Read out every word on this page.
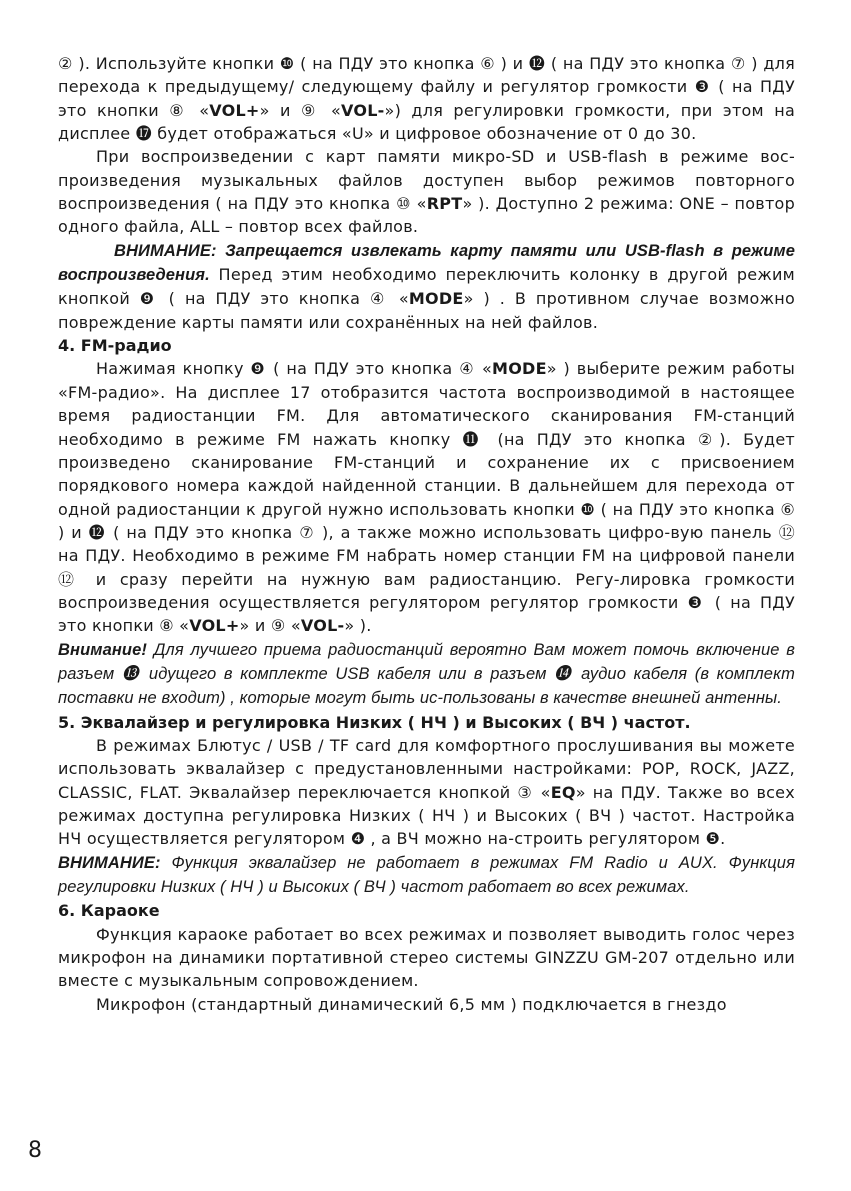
② ). Используйте кнопки ❿ ( на ПДУ это кнопка ⑥ ) и ⓬ ( на ПДУ это кнопка ⑦ ) для перехода к предыдущему/ следующему файлу и регулятор громкости ❸ ( на ПДУ это кнопки ⑧ «VOL+» и ⑨ «VOL-») для регулировки громкости, при этом на дисплее ⓱ будет отображаться «U» и цифровое обозначение от 0 до 30.

При воспроизведении с карт памяти микро-SD и USB-flash в режиме вос-произведения музыкальных файлов доступен выбор режимов повторного воспроизведения ( на ПДУ это кнопка ⑩ «RPT» ). Доступно 2 режима: ONE – повтор одного файла, ALL – повтор всех файлов.

ВНИМАНИЕ: Запрещается извлекать карту памяти или USB-flash в режиме воспроизведения. Перед этим необходимо переключить колонку в другой режим кнопкой ❾ ( на ПДУ это кнопка ④ «MODE» ) . В противном случае возможно повреждение карты памяти или сохранённых на ней файлов.

4. FM-радио

Нажимая кнопку ❾ ( на ПДУ это кнопка ④ «MODE» ) выберите режим работы «FM-радио». На дисплее 17 отобразится частота воспроизводимой в настоящее время радиостанции FM. Для автоматического сканирования FM-станций необходимо в режиме FM нажать кнопку ⓫ (на ПДУ это кнопка ②). Будет произведено сканирование FM-станций и сохранение их с присвоением порядкового номера каждой найденной станции. В дальнейшем для перехода от одной радиостанции к другой нужно использовать кнопки ❿ ( на ПДУ это кнопка ⑥ ) и ⓬ ( на ПДУ это кнопка ⑦ ), а также можно использовать цифро-вую панель ⑫ на ПДУ. Необходимо в режиме FM набрать номер станции FM на цифровой панели ⑫ и сразу перейти на нужную вам радиостанцию. Регу-лировка громкости воспроизведения осуществляется регулятором регулятор громкости ❸ ( на ПДУ это кнопки ⑧ «VOL+» и ⑨ «VOL-» ).

Внимание! Для лучшего приема радиостанций вероятно Вам может помочь включение в разъем ⓭ идущего в комплекте USB кабеля или в разъем ⓮ аудио кабеля (в комплект поставки не входит) , которые могут быть ис-пользованы в качестве внешней антенны.

5. Эквалайзер и регулировка Низких ( НЧ ) и Высоких ( ВЧ ) частот.

В режимах Блютус / USB / TF card для комфортного прослушивания вы можете использовать эквалайзер с предустановленными настройками: POP, ROCK, JAZZ, CLASSIC, FLAT. Эквалайзер переключается кнопкой ③ «EQ» на ПДУ. Также во всех режимах доступна регулировка Низких ( НЧ ) и Высоких ( ВЧ ) частот. Настройка НЧ осуществляется регулятором ❹ , а ВЧ можно на-строить регулятором ❺.

ВНИМАНИЕ: Функция эквалайзер не работает в режимах FM Radio и AUX. Функция регулировки Низких ( НЧ ) и Высоких ( ВЧ ) частот работает во всех режимах.

6. Караоке

Функция караоке работает во всех режимах и позволяет выводить голос через микрофон на динамики портативной стерео системы GINZZU GM-207 отдельно или вместе с музыкальным сопровождением.

Микрофон (стандартный динамический 6,5 мм ) подключается в гнездо

8
